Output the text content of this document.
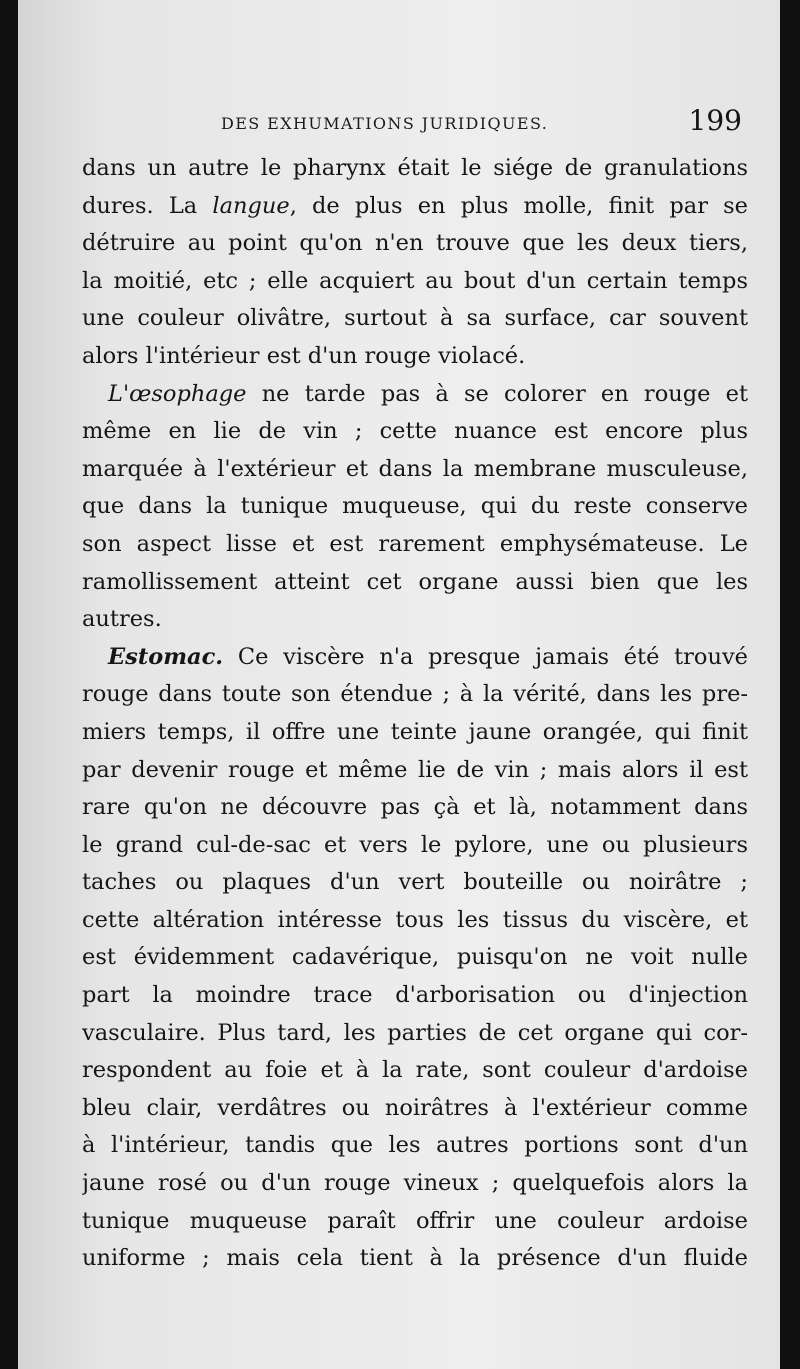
DES EXHUMATIONS JURIDIQUES.	199
dans un autre le pharynx était le siége de granulations
dures. La langue, de plus en plus molle, finit par se
détruire au point qu'on n'en trouve que les deux tiers,
la moitié, etc ; elle acquiert au bout d'un certain temps
une couleur olivâtre, surtout à sa surface, car souvent
alors l'intérieur est d'un rouge violacé.
L'œsophage ne tarde pas à se colorer en rouge et
même en lie de vin ; cette nuance est encore plus
marquée à l'extérieur et dans la membrane musculeuse,
que dans la tunique muqueuse, qui du reste conserve
son aspect lisse et est rarement emphysémateuse. Le
ramollissement atteint cet organe aussi bien que les
autres.
Estomac. Ce viscère n'a presque jamais été trouvé
rouge dans toute son étendue ; à la vérité, dans les pre-
miers temps, il offre une teinte jaune orangée, qui finit
par devenir rouge et même lie de vin ; mais alors il est
rare qu'on ne découvre pas çà et là, notamment dans
le grand cul-de-sac et vers le pylore, une ou plusieurs
taches ou plaques d'un vert bouteille ou noirâtre ;
cette altération intéresse tous les tissus du viscère, et
est évidemment cadavérique, puisqu'on ne voit nulle
part la moindre trace d'arborisation ou d'injection
vasculaire. Plus tard, les parties de cet organe qui cor-
respondent au foie et à la rate, sont couleur d'ardoise
bleu clair, verdâtres ou noirâtres à l'extérieur comme
à l'intérieur, tandis que les autres portions sont d'un
jaune rosé ou d'un rouge vineux ; quelquefois alors la
tunique muqueuse paraît offrir une couleur ardoise
uniforme ; mais cela tient à la présence d'un fluide
